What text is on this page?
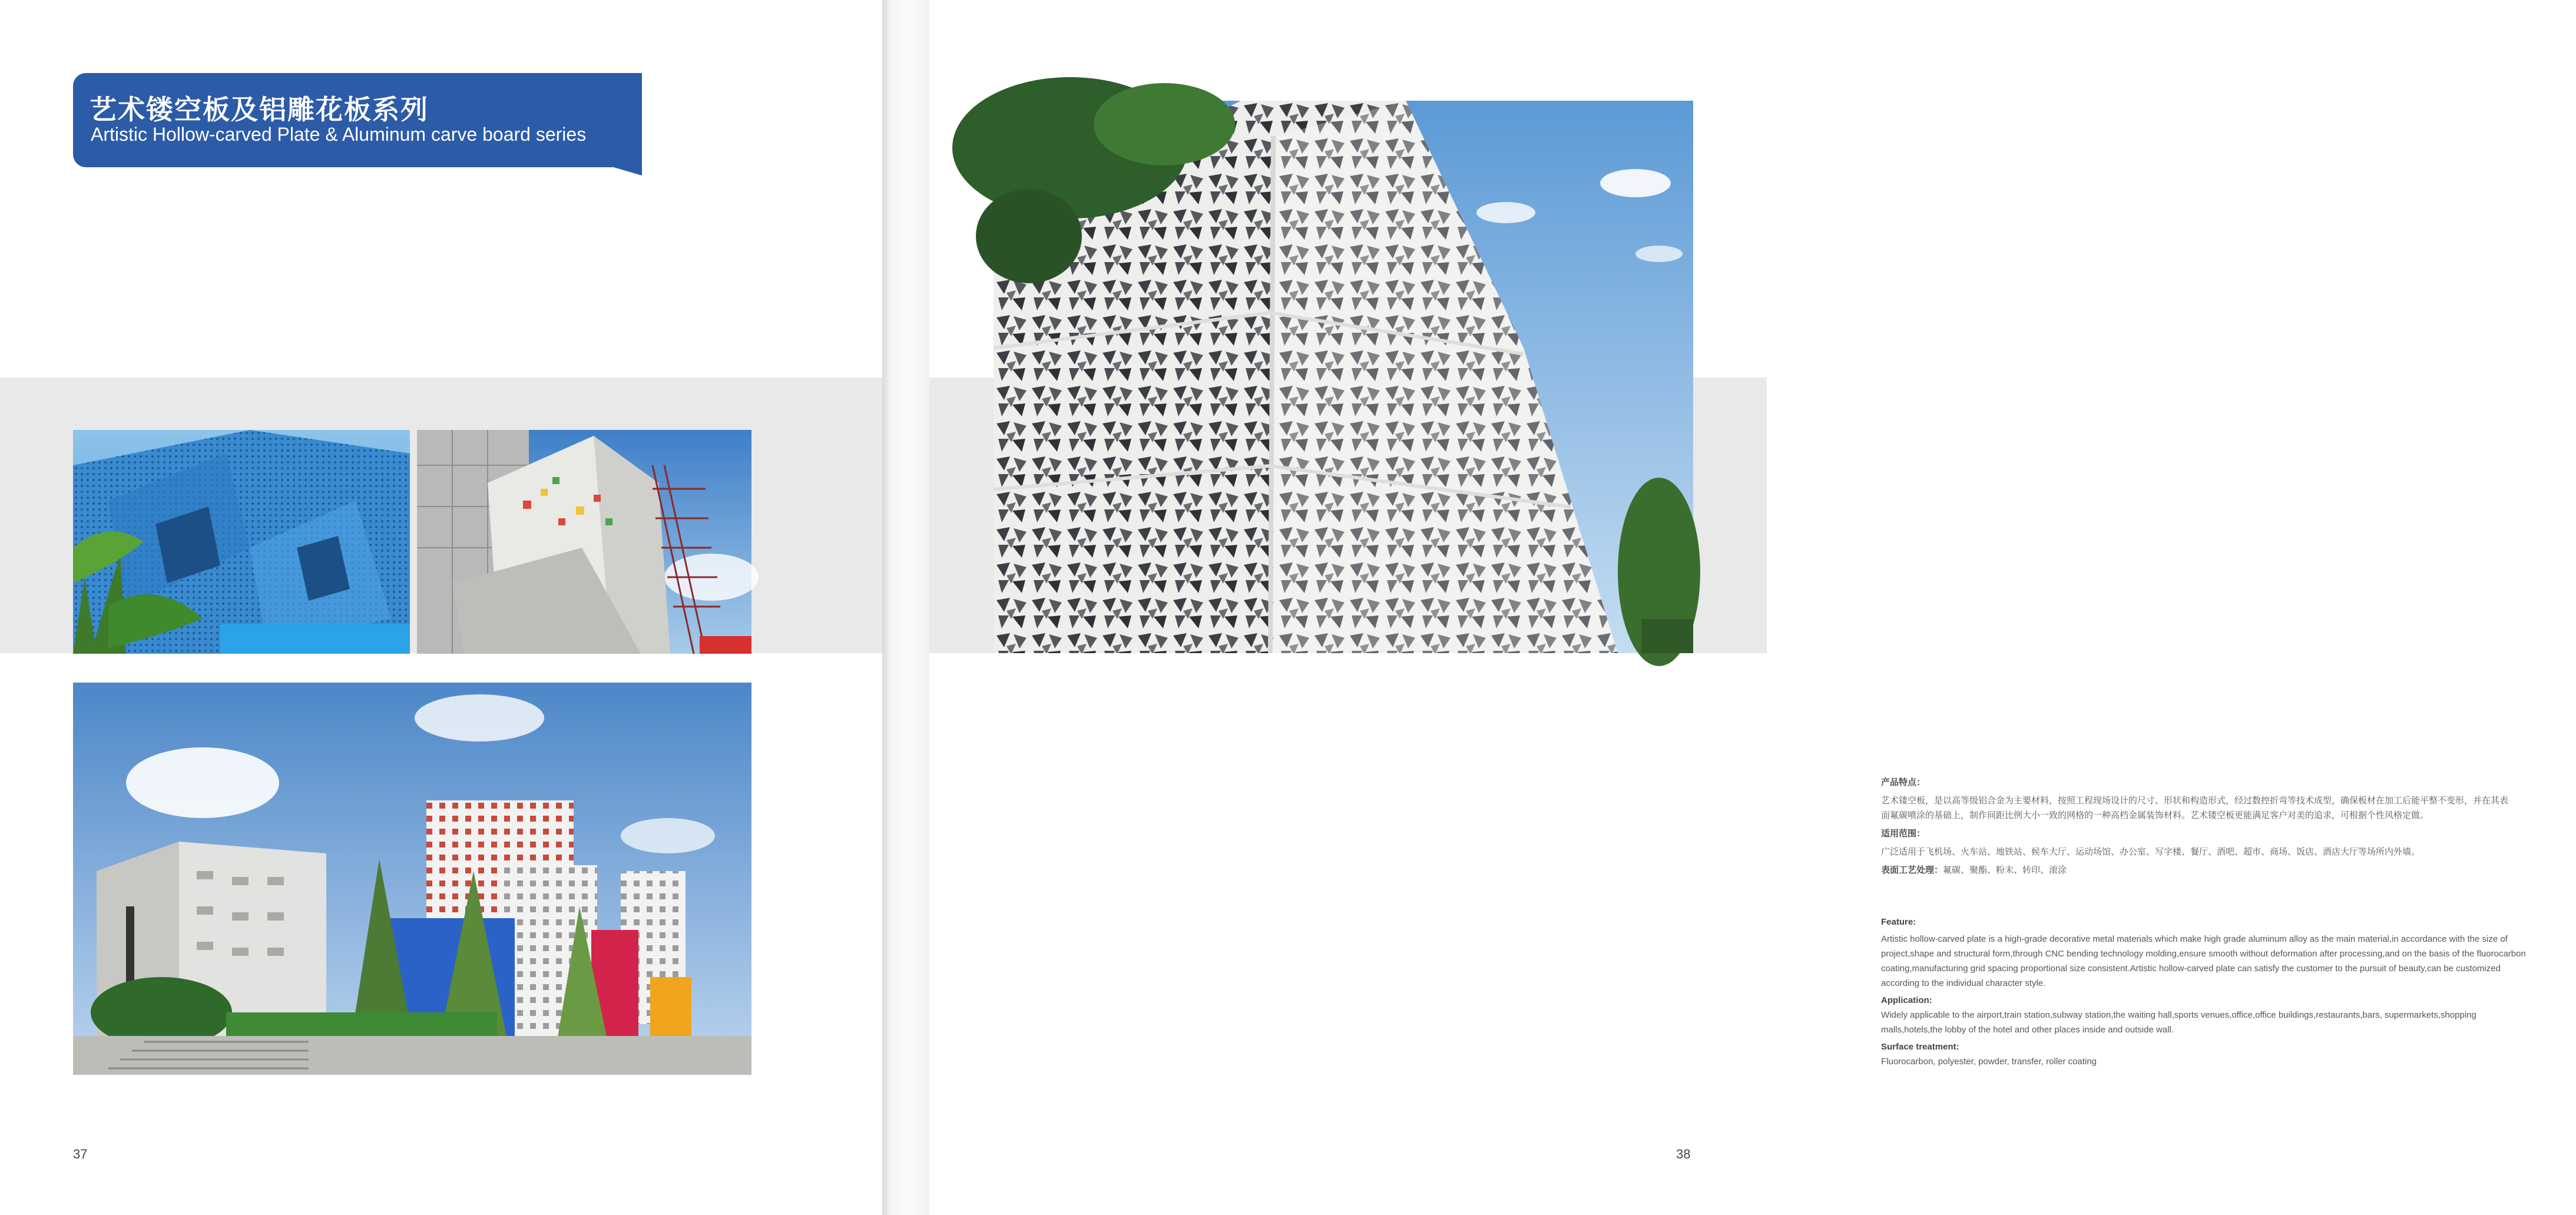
艺术镂空板及铝雕花板系列
Artistic Hollow-carved Plate & Aluminum carve board series
37

产品特点：

艺术镂空板，是以高等级铝合金为主要材料，按照工程现场设计的尺寸、形状和构造形式，经过数控折弯等技术成型，确保板材在加工后能平整不变形，并在其表

面氟碳喷涂的基础上，制作间距比例大小一致的网格的一种高档金属装饰材料。艺术镂空板更能满足客户对美的追求，可根据个性风格定做。

适用范围：

广泛适用于飞机场、火车站、地铁站、候车大厅、运动场馆、办公室、写字楼、餐厅、酒吧、超市、商场、饭店、酒店大厅等场所内外墙。

表面工艺处理：氟碳、聚酯、粉末、转印、滚涂

Feature:

Artistic hollow-carved plate is a high-grade decorative metal materials which make high grade aluminum alloy as the main material,in accordance with the size of

project,shape and structural form,through CNC bending technology molding,ensure smooth without deformation after processing,and on the basis of the fluorocarbon

coating,manufacturing grid spacing proportional size consistent.Artistic hollow-carved plate can satisfy the customer to the pursuit of beauty,can be customized

according to the individual character style.

Application:

Widely applicable to the airport,train station,subway station,the waiting hall,sports venues,office,office buildings,restaurants,bars, supermarkets,shopping

malls,hotels,the lobby of the hotel and other places inside and outside wall.

Surface treatment:

Fluorocarbon, polyester, powder, transfer, roller coating

38
